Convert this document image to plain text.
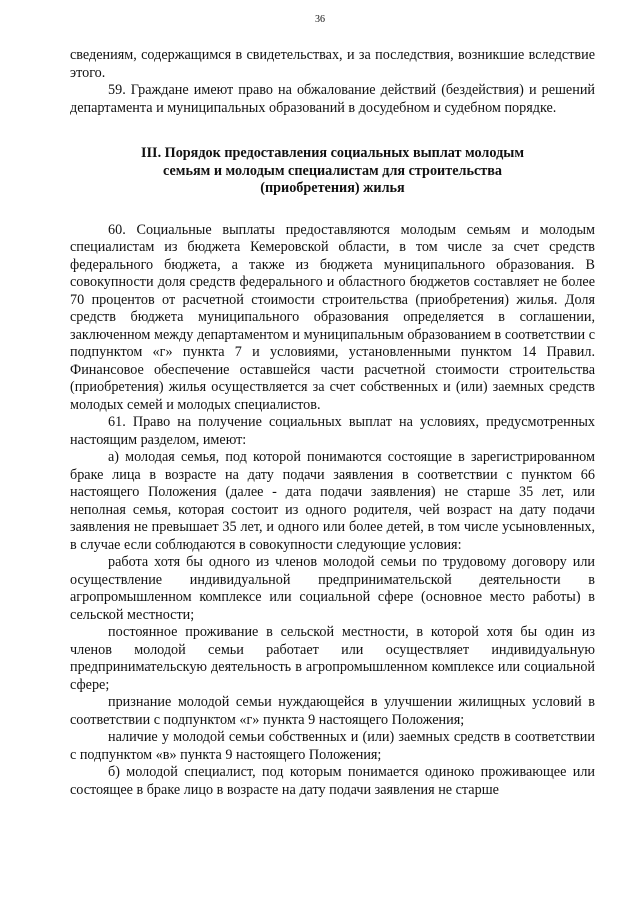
36

сведениям, содержащимся в свидетельствах, и за последствия, возникшие вследствие этого.

59. Граждане имеют право на обжалование действий (бездействия) и решений департамента и муниципальных образований в досудебном и судебном порядке.

III. Порядок предоставления социальных выплат молодым
семьям и молодым специалистам для строительства
(приобретения) жилья

60. Социальные выплаты предоставляются молодым семьям и молодым специалистам из бюджета Кемеровской области, в том числе за счет средств федерального бюджета, а также из бюджета муниципального образования. В совокупности доля средств федерального и областного бюджетов составляет не более 70 процентов от расчетной стоимости строительства (приобретения) жилья. Доля средств бюджета муниципального образования определяется в соглашении, заключенном между департаментом и муниципальным образованием в соответствии с подпунктом «г» пункта 7 и условиями, установленными пунктом 14 Правил. Финансовое обеспечение оставшейся части расчетной стоимости строительства (приобретения) жилья осуществляется за счет собственных и (или) заемных средств молодых семей и молодых специалистов.

61. Право на получение социальных выплат на условиях, предусмотренных настоящим разделом, имеют:

а) молодая семья, под которой понимаются состоящие в зарегистрированном браке лица в возрасте на дату подачи заявления в соответствии с пунктом 66 настоящего Положения (далее - дата подачи заявления) не старше 35 лет, или неполная семья, которая состоит из одного родителя, чей возраст на дату подачи заявления не превышает 35 лет, и одного или более детей, в том числе усыновленных, в случае если соблюдаются в совокупности следующие условия:

работа хотя бы одного из членов молодой семьи по трудовому договору или осуществление индивидуальной предпринимательской деятельности в агропромышленном комплексе или социальной сфере (основное место работы) в сельской местности;

постоянное проживание в сельской местности, в которой хотя бы один из членов молодой семьи работает или осуществляет индивидуальную предпринимательскую деятельность в агропромышленном комплексе или социальной сфере;

признание молодой семьи нуждающейся в улучшении жилищных условий в соответствии с подпунктом «г» пункта 9 настоящего Положения;

наличие у молодой семьи собственных и (или) заемных средств в соответствии с подпунктом «в» пункта 9 настоящего Положения;

б) молодой специалист, под которым понимается одиноко проживающее или состоящее в браке лицо в возрасте на дату подачи заявления не старше
